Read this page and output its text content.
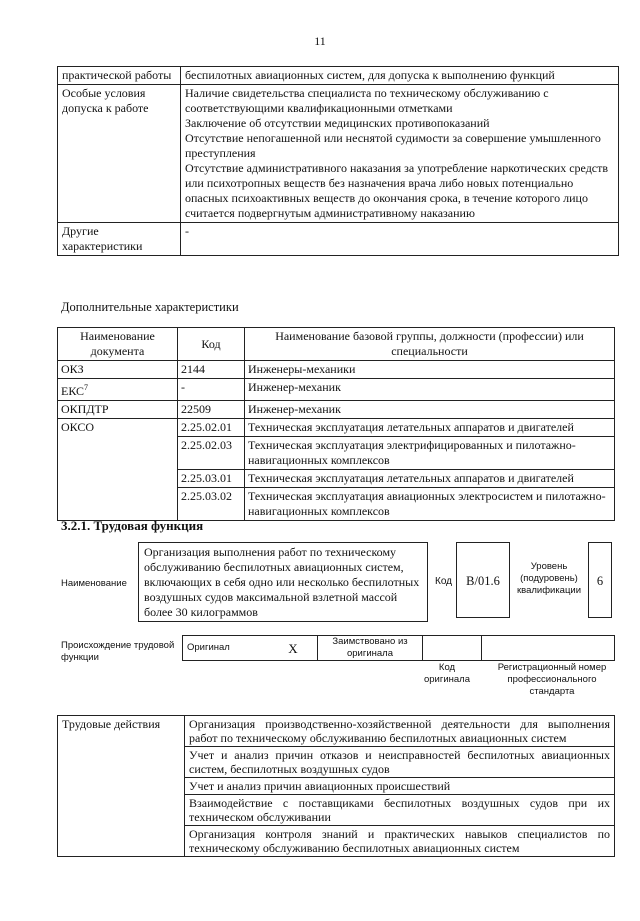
11
практической работы	беспилотных авиационных систем, для допуска к выполнению функций
Особые условия допуска к работе	Наличие свидетельства специалиста по техническому обслуживанию с соответствующими квалификационными отметками
Заключение об отсутствии медицинских противопоказаний
Отсутствие непогашенной или неснятой судимости за совершение умышленного преступления
Отсутствие административного наказания за употребление наркотических средств или психотропных веществ без назначения врача либо новых потенциально опасных психоактивных веществ до окончания срока, в течение которого лицо считается подвергнутым административному наказанию

Другие характеристики	-
Дополнительные характеристики
Наименование документа	Код	Наименование базовой группы, должности (профессии) или специальности
ОКЗ	2144	Инженеры-механики
ЕКС$^7$	-	Инженер-механик
ОКПДТР	22509	Инженер-механик
ОКСО	2.25.02.01	Техническая эксплуатация летательных аппаратов и двигателей
	2.25.02.03	Техническая эксплуатация электрифицированных и пилотажно-навигационных комплексов
	2.25.03.01	Техническая эксплуатация летательных аппаратов и двигателей
	2.25.03.02	Техническая эксплуатация авиационных электросистем и пилотажно-навигационных комплексов
3.2.1. Трудовая функция
Наименование
Организация выполнения работ по техническому обслуживанию беспилотных авиационных систем, включающих в себя одно или несколько беспилотных воздушных судов максимальной взлетной массой более 30 килограммов
Код	B/01.6
Уровень (подуровень) квалификации
6
Происхождение трудовой функции
Оригинал	X	Заимствовано из оригинала		
Код оригинала
Регистрационный номер профессионального стандарта
Трудовые действия	Организация производственно-хозяйственной деятельности для выполнения работ по техническому обслуживанию беспилотных авиационных систем
Учет и анализ причин отказов и неисправностей беспилотных авиационных систем, беспилотных воздушных судов
Учет и анализ причин авиационных происшествий
Взаимодействие с поставщиками беспилотных воздушных судов при их техническом обслуживании
Организация контроля знаний и практических навыков специалистов по техническому обслуживанию беспилотных авиационных систем
